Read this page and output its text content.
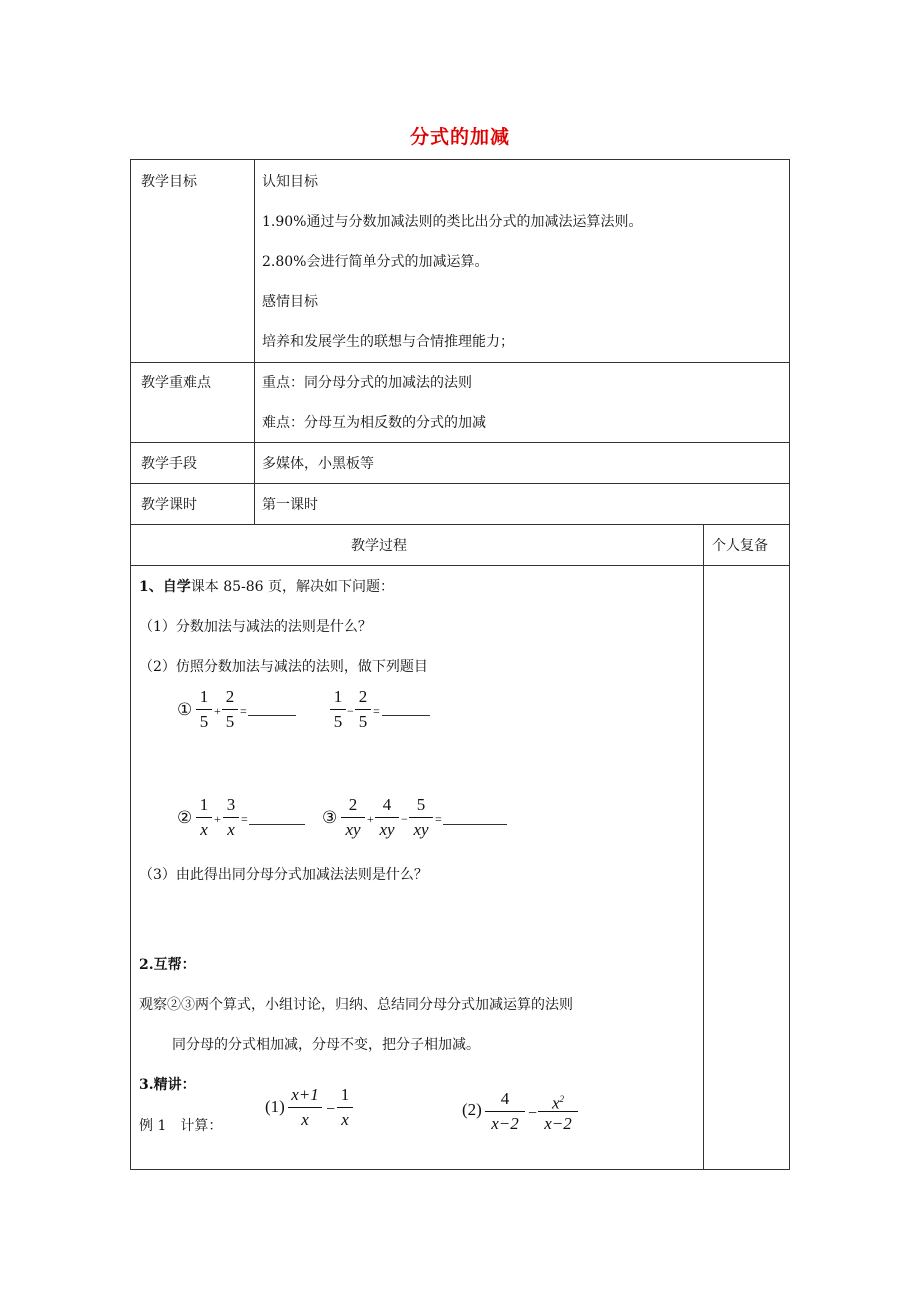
分式的加减
教学目标	认知目标
1.90%通过与分数加减法则的类比出分式的加减法运算法则。
2.80%会进行简单分式的加减运算。
感情目标
培养和发展学生的联想与合情推理能力；
教学重难点	重点：同分母分式的加减法的法则
难点：分母互为相反数的分式的加减
教学手段	多媒体，小黑板等
教学课时	第一课时
教学过程	个人复备
1、自学课本 85-86 页，解决如下问题：
（1）分数加法与减法的法则是什么？
（2）仿照分数加法与减法的法则，做下列题目
①
1
5
+
2
5
=
1
5
−
2
5
=
②
1
x
+
3
x
=	③
2
xy
+
4
xy
−
5
xy
=
（3）由此得出同分母分式加减法法则是什么？
2.互帮：
观察②③两个算式，小组讨论，归纳、总结同分母分式加减运算的法则
同分母的分式相加减，分母不变，把分子相加减。
3.精讲：
例 1　计算：
(1)
x+1
x
−
1
x
(2)
4
x−2
−
$x^2$
x−2
